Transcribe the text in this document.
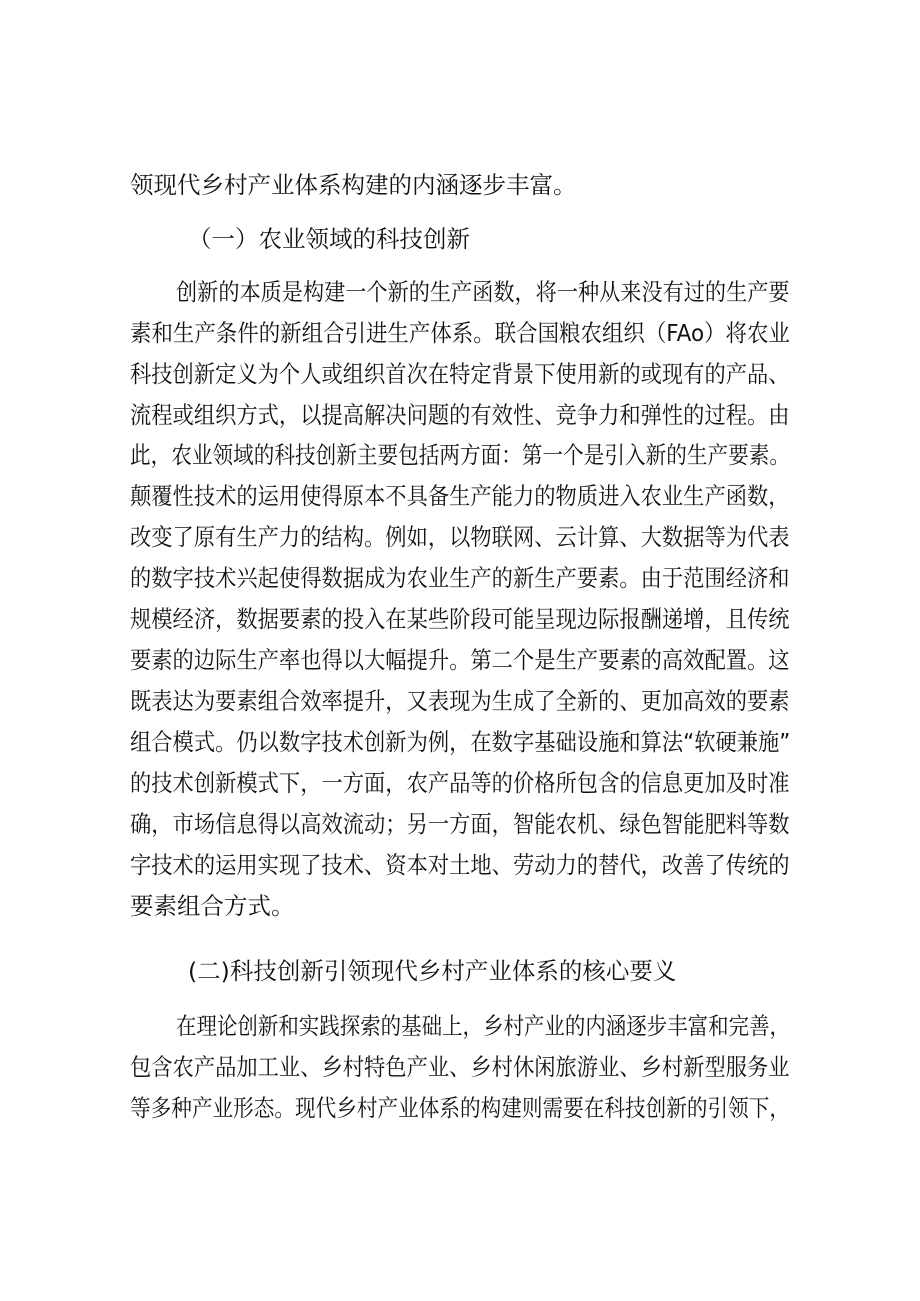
领现代乡村产业体系构建的内涵逐步丰富。

（一）农业领域的科技创新

创新的本质是构建一个新的生产函数，将一种从来没有过的生产要

素和生产条件的新组合引进生产体系。联合国粮农组织（FAo）将农业

科技创新定义为个人或组织首次在特定背景下使用新的或现有的产品、

流程或组织方式，以提高解决问题的有效性、竞争力和弹性的过程。由

此，农业领域的科技创新主要包括两方面：第一个是引入新的生产要素。

颠覆性技术的运用使得原本不具备生产能力的物质进入农业生产函数，

改变了原有生产力的结构。例如，以物联网、云计算、大数据等为代表

的数字技术兴起使得数据成为农业生产的新生产要素。由于范围经济和

规模经济，数据要素的投入在某些阶段可能呈现边际报酬递增，且传统

要素的边际生产率也得以大幅提升。第二个是生产要素的高效配置。这

既表达为要素组合效率提升，又表现为生成了全新的、更加高效的要素

组合模式。仍以数字技术创新为例，在数字基础设施和算法“软硬兼施”

的技术创新模式下，一方面，农产品等的价格所包含的信息更加及时准

确，市场信息得以高效流动；另一方面，智能农机、绿色智能肥料等数

字技术的运用实现了技术、资本对土地、劳动力的替代，改善了传统的

要素组合方式。

(二)科技创新引领现代乡村产业体系的核心要义

在理论创新和实践探索的基础上，乡村产业的内涵逐步丰富和完善，

包含农产品加工业、乡村特色产业、乡村休闲旅游业、乡村新型服务业

等多种产业形态。现代乡村产业体系的构建则需要在科技创新的引领下，
